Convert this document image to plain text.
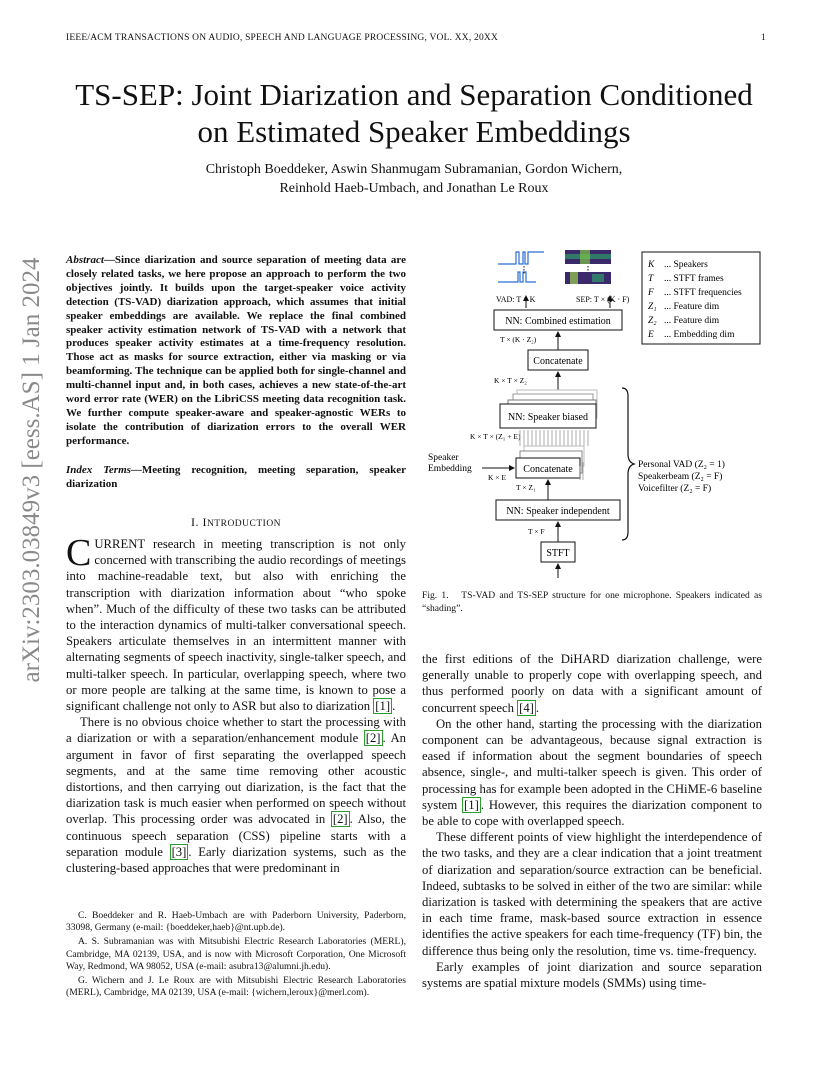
IEEE/ACM TRANSACTIONS ON AUDIO, SPEECH AND LANGUAGE PROCESSING, VOL. XX, 20XX	1
TS-SEP: Joint Diarization and Separation Conditioned on Estimated Speaker Embeddings
Christoph Boeddeker, Aswin Shanmugam Subramanian, Gordon Wichern,
Reinhold Haeb-Umbach, and Jonathan Le Roux
arXiv:2303.03849v3 [eess.AS] 1 Jan 2024 Abstract—Since diarization and source separation of meeting data are closely related tasks, we here propose an approach to perform the two objectives jointly. It builds upon the target-speaker voice activity detection (TS-VAD) diarization approach, which assumes that initial speaker embeddings are available. We replace the final combined speaker activity estimation network of TS-VAD with a network that produces speaker activity estimates at a time-frequency resolution. Those act as masks for source extraction, either via masking or via beamforming. The technique can be applied both for single-channel and multi-channel input and, in both cases, achieves a new state-of-the-art word error rate (WER) on the LibriCSS meeting data recognition task. We further compute speaker-aware and speaker-agnostic WERs to isolate the contribution of diarization errors to the overall WER performance.
Index Terms—Meeting recognition, meeting separation, speaker diarization
I. INTRODUCTION

CURRENT research in meeting transcription is not only concerned with transcribing the audio recordings of meetings into machine-readable text, but also with enriching the transcription with diarization information about “who spoke when”. Much of the difficulty of these two tasks can be attributed to the interaction dynamics of multi-talker conversational speech. Speakers articulate themselves in an intermittent manner with alternating segments of speech inactivity, single-talker speech, and multi-talker speech. In particular, overlapping speech, where two or more people are talking at the same time, is known to pose a significant challenge not only to ASR but also to diarization [1] .

There is no obvious choice whether to start the processing with a diarization or with a separation/enhancement module [2] . An argument in favor of first separating the overlapped speech segments, and at the same time removing other acoustic distortions, and then carrying out diarization, is the fact that the diarization task is much easier when performed on speech without overlap. This processing order was advocated in [2] . Also, the continuous speech separation (CSS) pipeline starts with a separation module [3] . Early diarization systems, such as the clustering-based approaches that were predominant in

C. Boeddeker and R. Haeb-Umbach are with Paderborn University, Paderborn, 33098, Germany (e-mail: {boeddeker,haeb}@nt.upb.de).

A. S. Subramanian was with Mitsubishi Electric Research Laboratories (MERL), Cambridge, MA 02139, USA, and is now with Microsoft Corporation, One Microsoft Way, Redmond, WA 98052, USA (e-mail: asubra13@alumni.jh.edu).

G. Wichern and J. Le Roux are with Mitsubishi Electric Research Laboratories (MERL), Cambridge, MA 02139, USA (e-mail: {wichern,leroux}@merl.com).

VAD: T × K	SEP: T × (K · F)
NN: Combined estimation
T × (K · Z₂)
Concatenate
K × T × Z₂
NN: Speaker biased
K × T × (Z₁ + E)
Concatenate
Speaker
Embedding
K × E
T × Z₁
NN: Speaker independent
T × F
STFT
Personal VAD (Z₂ = 1)
Speakerbeam (Z₂ = F)
Voicefilter (Z₂ = F)
K ... Speakers
T ... STFT frames
F ... STFT frequencies
Z₁ ... Feature dim
Z₂ ... Feature dim
E ... Embedding dim
Fig. 1. TS-VAD and TS-SEP structure for one microphone. Speakers indicated as “shading”.

the first editions of the DiHARD diarization challenge, were generally unable to properly cope with overlapping speech, and thus performed poorly on data with a significant amount of concurrent speech [4] .

On the other hand, starting the processing with the diarization component can be advantageous, because signal extraction is eased if information about the segment boundaries of speech absence, single-, and multi-talker speech is given. This order of processing has for example been adopted in the CHiME-6 baseline system [1] . However, this requires the diarization component to be able to cope with overlapped speech.

These different points of view highlight the interdependence of the two tasks, and they are a clear indication that a joint treatment of diarization and separation/source extraction can be beneficial. Indeed, subtasks to be solved in either of the two are similar: while diarization is tasked with determining the speakers that are active in each time frame, mask-based source extraction in essence identifies the active speakers for each time-frequency (TF) bin, the difference thus being only the resolution, time vs. time-frequency.

Early examples of joint diarization and source separation systems are spatial mixture models (SMMs) using time-
